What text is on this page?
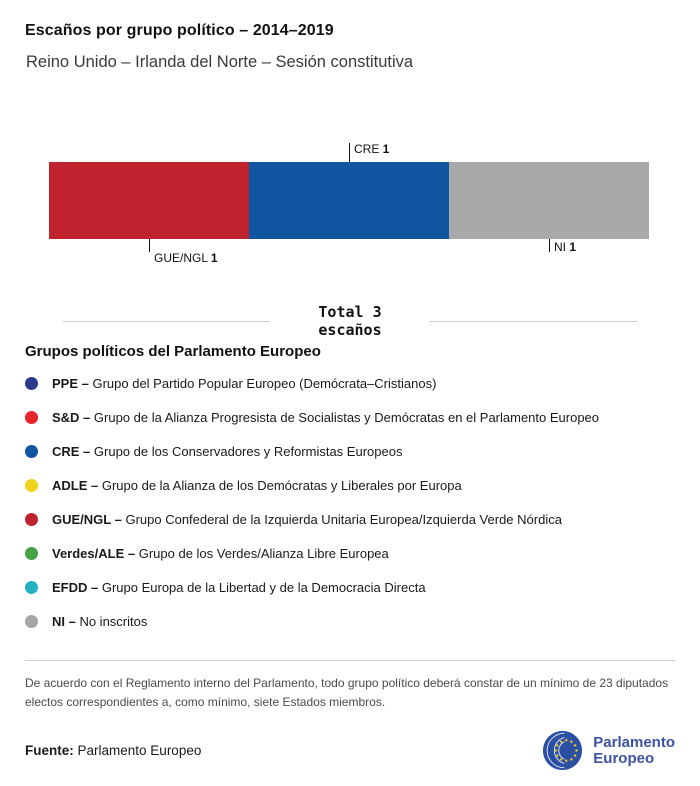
Escaños por grupo político – 2014–2019
Reino Unido – Irlanda del Norte – Sesión constitutiva
CRE 1
GUE/NGL 1
NI 1
Total 3
escaños
Grupos políticos del Parlamento Europeo
PPE – Grupo del Partido Popular Europeo (Demócrata–Cristianos)
S&D – Grupo de la Alianza Progresista de Socialistas y Demócratas en el Parlamento Europeo
CRE – Grupo de los Conservadores y Reformistas Europeos
ADLE – Grupo de la Alianza de los Demócratas y Liberales por Europa
GUE/NGL – Grupo Confederal de la Izquierda Unitaria Europea/Izquierda Verde Nórdica
Verdes/ALE – Grupo de los Verdes/Alianza Libre Europea
EFDD – Grupo Europa de la Libertad y de la Democracia Directa
NI – No inscritos

De acuerdo con el Reglamento interno del Parlamento, todo grupo político deberá constar de un mínimo de 23 diputados electos correspondientes a, como mínimo, siete Estados miembros.

Fuente: Parlamento Europeo	Parlamento
Europeo
